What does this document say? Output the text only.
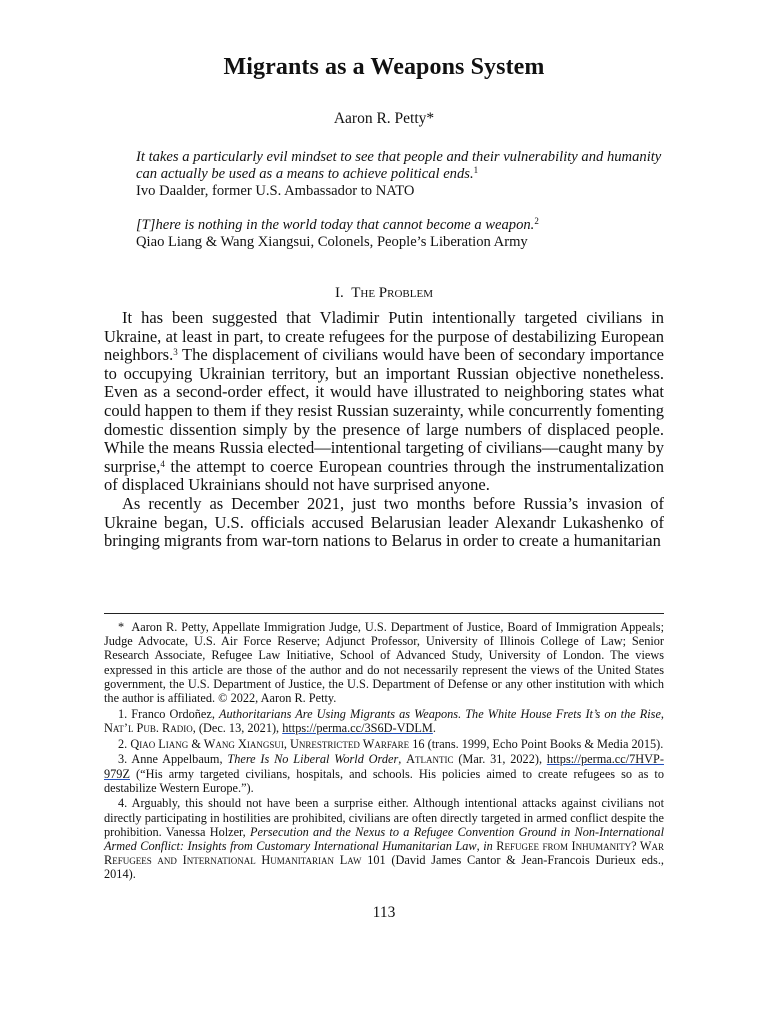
Migrants as a Weapons System
Aaron R. Petty*
It takes a particularly evil mindset to see that people and their vulnerability and humanity can actually be used as a means to achieve political ends.$^1$
Ivo Daalder, former U.S. Ambassador to NATO
[T]here is nothing in the world today that cannot become a weapon.$^2$
Qiao Liang & Wang Xiangsui, Colonels, People’s Liberation Army
I. The Problem

It has been suggested that Vladimir Putin intentionally targeted civilians in Ukraine, at least in part, to create refugees for the purpose of destabilizing European neighbors.$^3$ The displacement of civilians would have been of secondary importance to occupying Ukrainian territory, but an important Russian objective nonetheless. Even as a second-order effect, it would have illustrated to neighboring states what could happen to them if they resist Russian suzerainty, while concurrently fomenting domestic dissention simply by the presence of large numbers of displaced people. While the means Russia elected—intentional targeting of civilians—caught many by surprise,$^4$ the attempt to coerce European countries through the instrumentalization of displaced Ukrainians should not have surprised anyone.

As recently as December 2021, just two months before Russia’s invasion of Ukraine began, U.S. officials accused Belarusian leader Alexandr Lukashenko of bringing migrants from war-torn nations to Belarus in order to create a humanitarian

* Aaron R. Petty, Appellate Immigration Judge, U.S. Department of Justice, Board of Immigration Appeals; Judge Advocate, U.S. Air Force Reserve; Adjunct Professor, University of Illinois College of Law; Senior Research Associate, Refugee Law Initiative, School of Advanced Study, University of London. The views expressed in this article are those of the author and do not necessarily represent the views of the United States government, the U.S. Department of Justice, the U.S. Department of Defense or any other institution with which the author is affiliated. © 2022, Aaron R. Petty.

1. Franco Ordoñez, Authoritarians Are Using Migrants as Weapons. The White House Frets It’s on the Rise, Nat’l Pub. Radio, (Dec. 13, 2021), https://perma.cc/3S6D-VDLM.

2. Qiao Liang & Wang Xiangsui, Unrestricted Warfare 16 (trans. 1999, Echo Point Books & Media 2015).

3. Anne Appelbaum, There Is No Liberal World Order, Atlantic (Mar. 31, 2022), https://perma.cc/7HVP-979Z (“His army targeted civilians, hospitals, and schools. His policies aimed to create refugees so as to destabilize Western Europe.”).

4. Arguably, this should not have been a surprise either. Although intentional attacks against civilians not directly participating in hostilities are prohibited, civilians are often directly targeted in armed conflict despite the prohibition. Vanessa Holzer, Persecution and the Nexus to a Refugee Convention Ground in Non-International Armed Conflict: Insights from Customary International Humanitarian Law, in Refugee from Inhumanity? War Refugees and International Humanitarian Law 101 (David James Cantor & Jean-Francois Durieux eds., 2014).

113
